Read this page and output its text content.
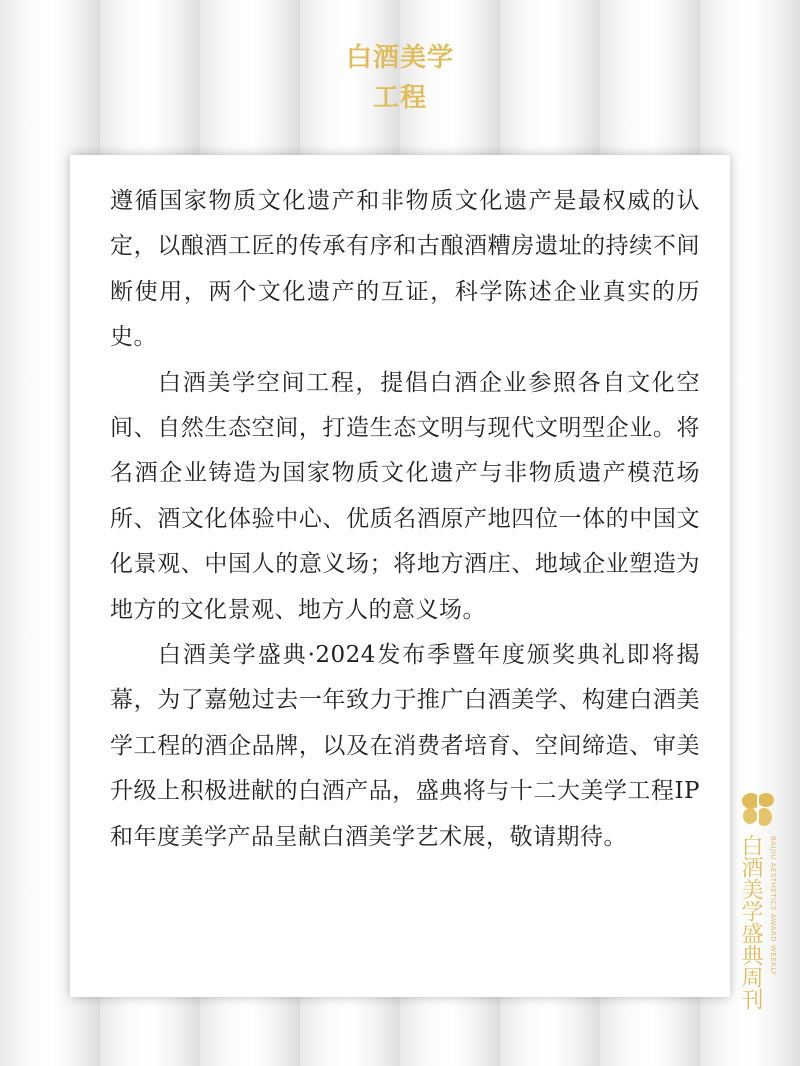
白酒美学
工程

遵循国家物质文化遗产和非物质文化遗产是最权威的认定，以酿酒工匠的传承有序和古酿酒糟房遗址的持续不间断使用，两个文化遗产的互证，科学陈述企业真实的历史。

白酒美学空间工程，提倡白酒企业参照各自文化空间、自然生态空间，打造生态文明与现代文明型企业。将名酒企业铸造为国家物质文化遗产与非物质遗产模范场所、酒文化体验中心、优质名酒原产地四位一体的中国文化景观、中国人的意义场；将地方酒庄、地域企业塑造为地方的文化景观、地方人的意义场。

白酒美学盛典·2024发布季暨年度颁奖典礼即将揭幕，为了嘉勉过去一年致力于推广白酒美学、构建白酒美学工程的酒企品牌，以及在消费者培育、空间缔造、审美升级上积极进献的白酒产品，盛典将与十二大美学工程IP和年度美学产品呈献白酒美学艺术展，敬请期待。	白酒美学盛典周刊 BAIJIU AESTHETICS AWARD WEEKLY
